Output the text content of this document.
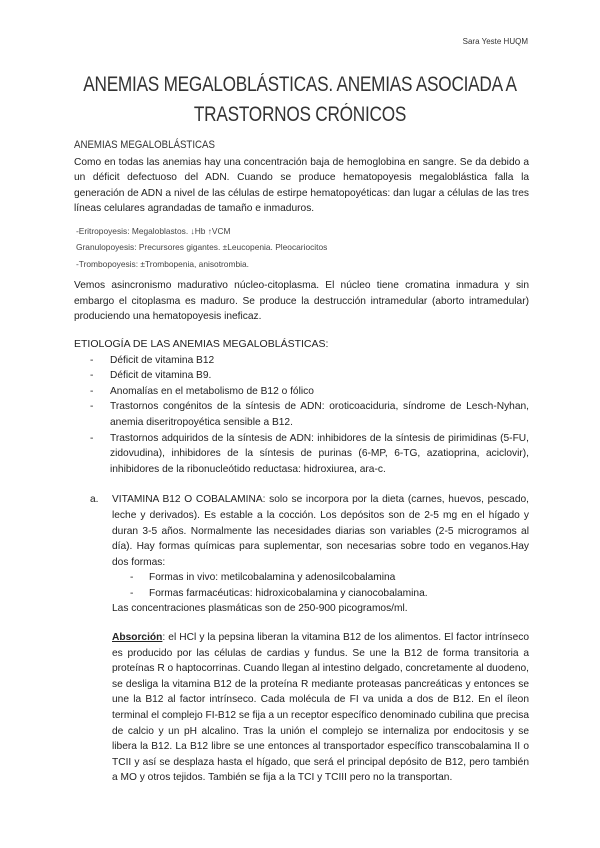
Sara Yeste HUQM
ANEMIAS MEGALOBLÁSTICAS. ANEMIAS ASOCIADA A
TRASTORNOS CRÓNICOS
ANEMIAS MEGALOBLÁSTICAS

Como en todas las anemias hay una concentración baja de hemoglobina en sangre. Se da debido a un déficit defectuoso del ADN. Cuando se produce hematopoyesis megaloblástica falla la generación de ADN a nivel de las células de estirpe hematopoyéticas: dan lugar a células de las tres líneas celulares agrandadas de tamaño e inmaduros.

-Eritropoyesis: Megaloblastos. ↓Hb ↑VCM
Granulopoyesis: Precursores gigantes. ±Leucopenia. Pleocariocitos
-Trombopoyesis: ±Trombopenia, anisotrombia.

Vemos asincronismo madurativo núcleo-citoplasma. El núcleo tiene cromatina inmadura y sin embargo el citoplasma es maduro. Se produce la destrucción intramedular (aborto intramedular) produciendo una hematopoyesis ineficaz.

ETIOLOGÍA DE LAS ANEMIAS MEGALOBLÁSTICAS:
- Déficit de vitamina B12
- Déficit de vitamina B9.
- Anomalías en el metabolismo de B12 o fólico
- Trastornos congénitos de la síntesis de ADN: oroticoaciduria, síndrome de Lesch-Nyhan, anemia diseritropoyética sensible a B12.
- Trastornos adquiridos de la síntesis de ADN: inhibidores de la síntesis de pirimidinas (5-FU, zidovudina), inhibidores de la síntesis de purinas (6-MP, 6-TG, azatioprina, aciclovir), inhibidores de la ribonucleótido reductasa: hidroxiurea, ara-c.
a. VITAMINA B12 O COBALAMINA: solo se incorpora por la dieta (carnes, huevos, pescado, leche y derivados). Es estable a la cocción. Los depósitos son de 2-5 mg en el hígado y duran 3-5 años. Normalmente las necesidades diarias son variables (2-5 microgramos al día). Hay formas químicas para suplementar, son necesarias sobre todo en veganos.Hay dos formas:
- Formas in vivo: metilcobalamina y adenosilcobalamina
- Formas farmacéuticas: hidroxicobalamina y cianocobalamina.
Las concentraciones plasmáticas son de 250-900 picogramos/ml.

Absorción: el HCl y la pepsina liberan la vitamina B12 de los alimentos. El factor intrínseco es producido por las células de cardias y fundus. Se une la B12 de forma transitoria a proteínas R o haptocorrinas. Cuando llegan al intestino delgado, concretamente al duodeno, se desliga la vitamina B12 de la proteína R mediante proteasas pancreáticas y entonces se une la B12 al factor intrínseco. Cada molécula de FI va unida a dos de B12. En el íleon terminal el complejo FI-B12 se fija a un receptor específico denominado cubilina que precisa de calcio y un pH alcalino. Tras la unión el complejo se internaliza por endocitosis y se libera la B12. La B12 libre se une entonces al transportador específico transcobalamina II o TCII y así se desplaza hasta el hígado, que será el principal depósito de B12, pero también a MO y otros tejidos. También se fija a la TCI y TCIII pero no la transportan.
